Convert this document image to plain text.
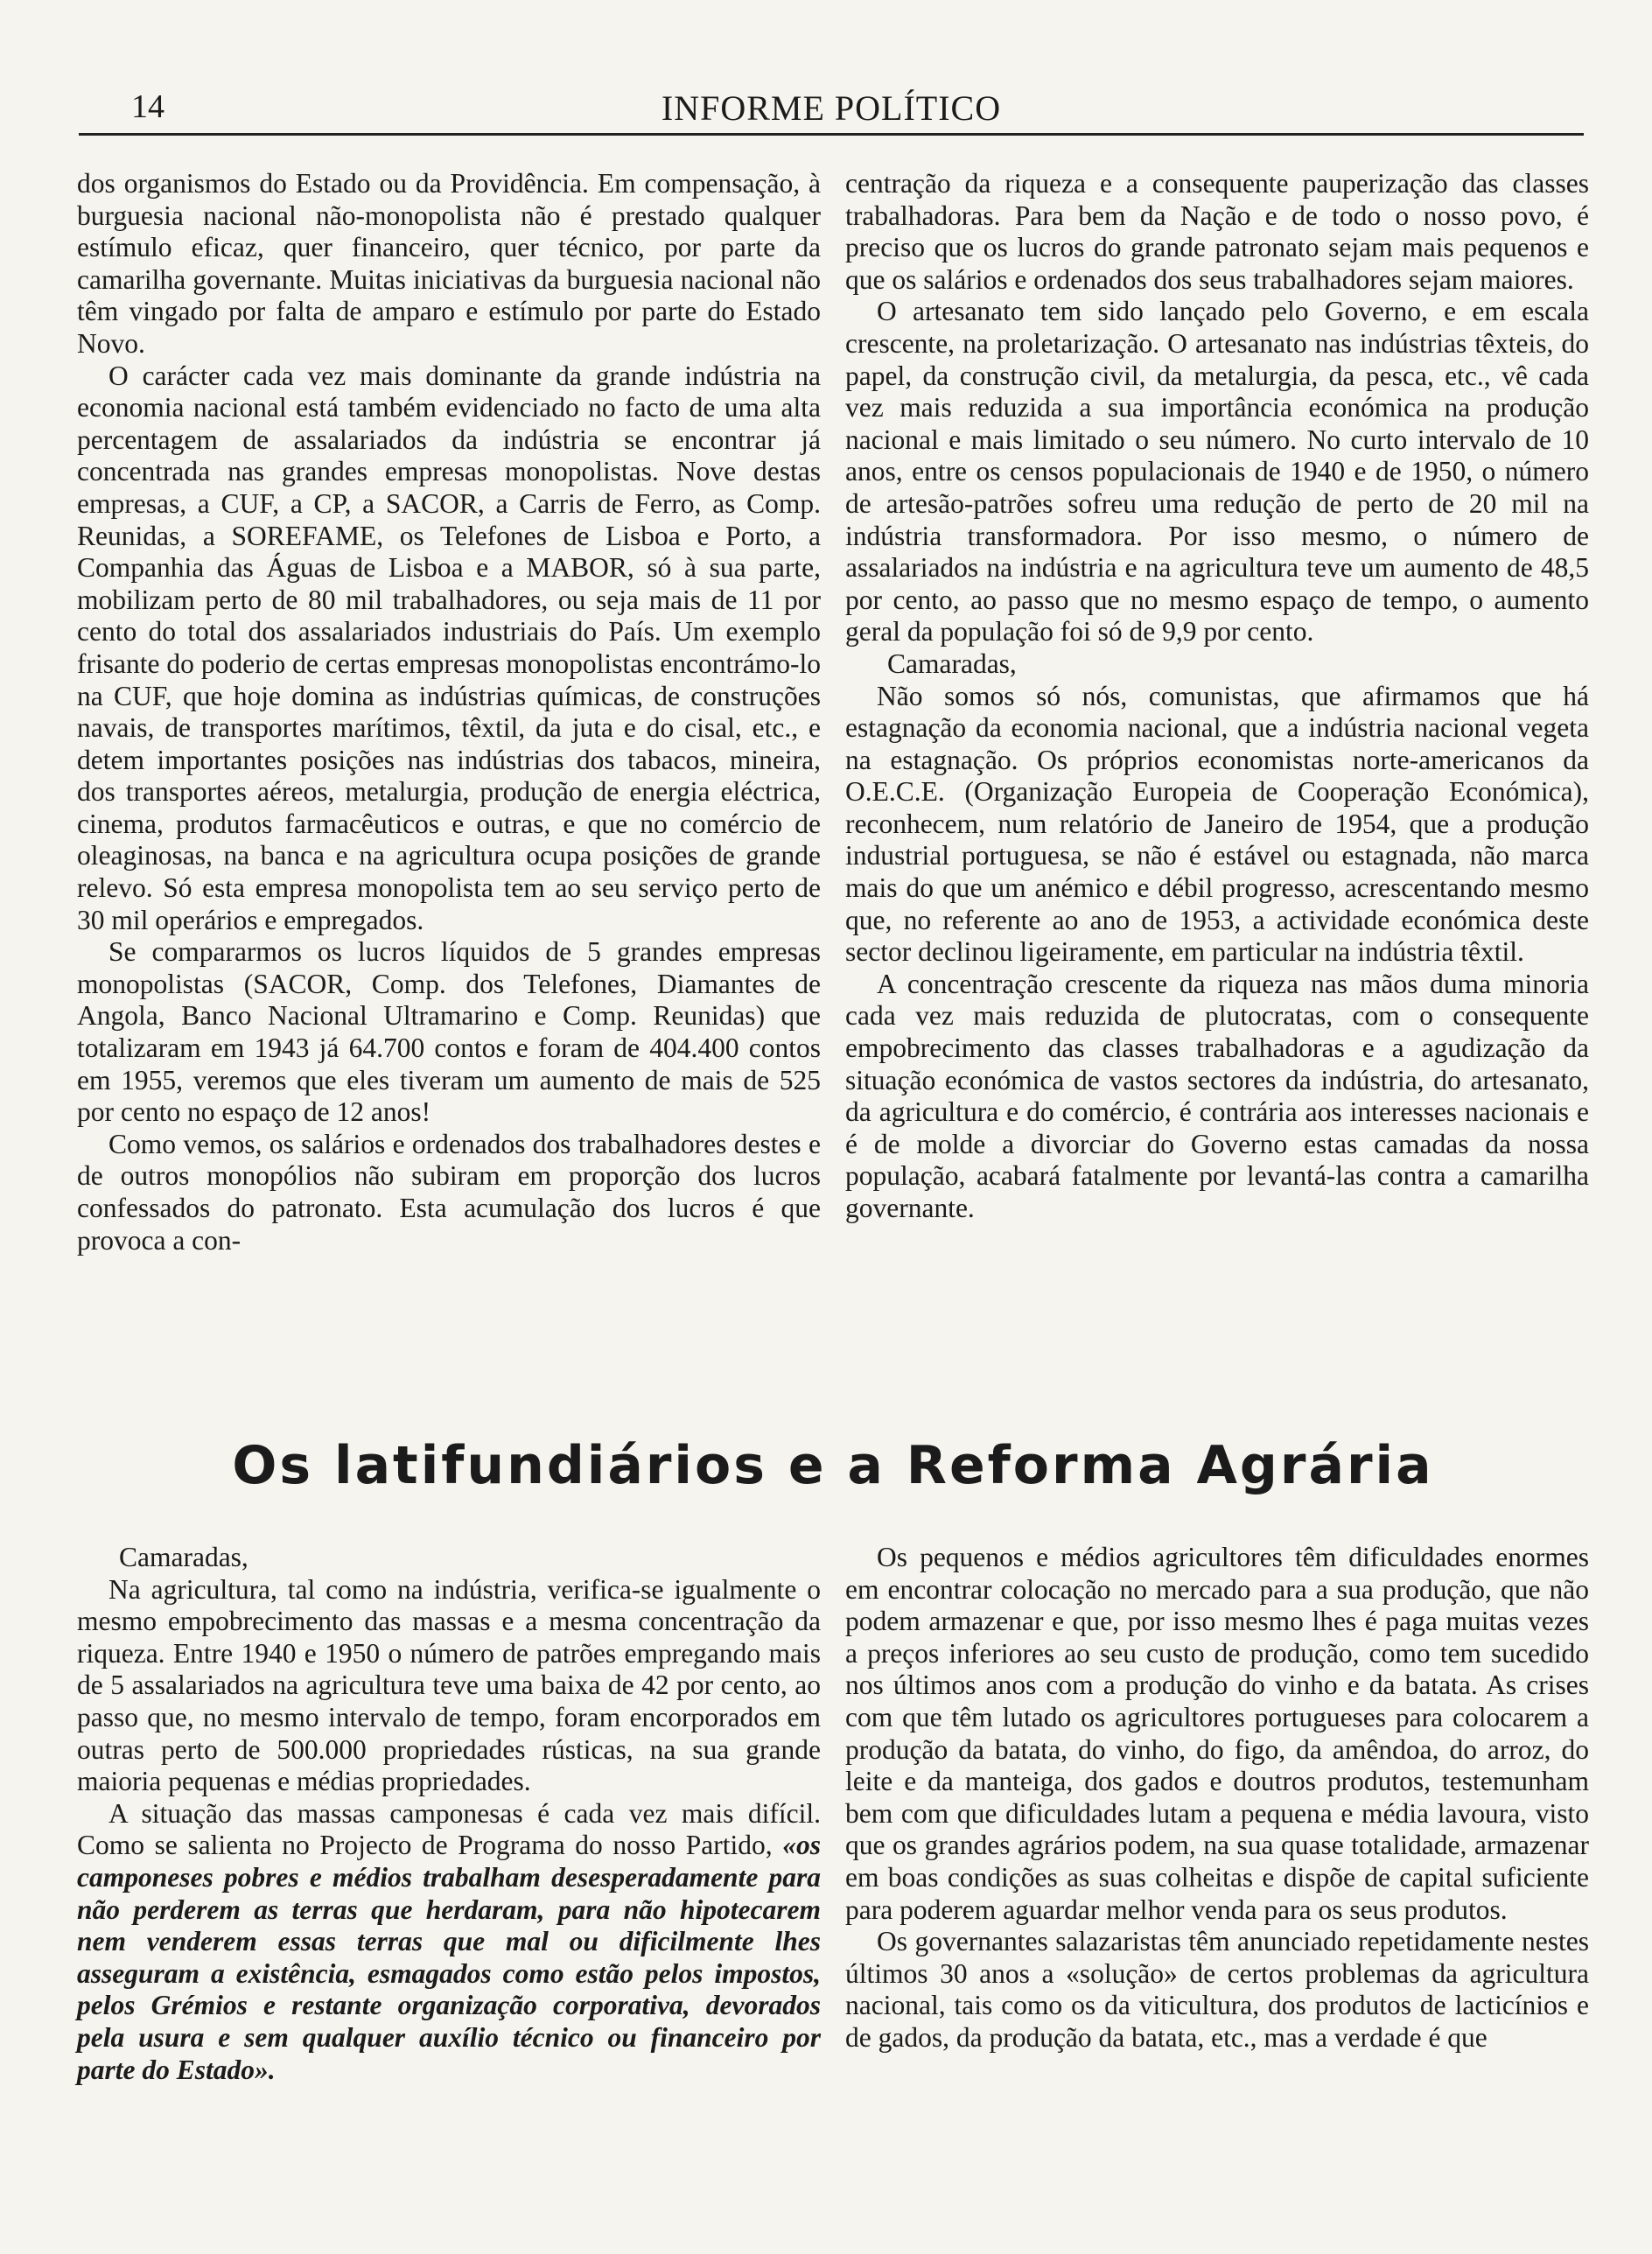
14	INFORME POLÍTICO

dos organismos do Estado ou da Providência. Em compensação, à burguesia nacional não-monopolista não é prestado qualquer estímulo eficaz, quer financeiro, quer técnico, por parte da camarilha governante. Muitas iniciativas da burguesia nacional não têm vingado por falta de amparo e estímulo por parte do Estado Novo.

O carácter cada vez mais dominante da grande indústria na economia nacional está também evidenciado no facto de uma alta percentagem de assalariados da indústria se encontrar já concentrada nas grandes empresas monopolistas. Nove destas empresas, a CUF, a CP, a SACOR, a Carris de Ferro, as Comp. Reunidas, a SOREFAME, os Telefones de Lisboa e Porto, a Companhia das Águas de Lisboa e a MABOR, só à sua parte, mobilizam perto de 80 mil trabalhadores, ou seja mais de 11 por cento do total dos assalariados industriais do País. Um exemplo frisante do poderio de certas empresas monopolistas encontrámo-lo na CUF, que hoje domina as indústrias químicas, de construções navais, de transportes marítimos, têxtil, da juta e do cisal, etc., e detem importantes posições nas indústrias dos tabacos, mineira, dos transportes aéreos, metalurgia, produção de energia eléctrica, cinema, produtos farmacêuticos e outras, e que no comércio de oleaginosas, na banca e na agricultura ocupa posições de grande relevo. Só esta empresa monopolista tem ao seu serviço perto de 30 mil operários e empregados.

Se compararmos os lucros líquidos de 5 grandes empresas monopolistas (SACOR, Comp. dos Telefones, Diamantes de Angola, Banco Nacional Ultramarino e Comp. Reunidas) que totalizaram em 1943 já 64.700 contos e foram de 404.400 contos em 1955, veremos que eles tiveram um aumento de mais de 525 por cento no espaço de 12 anos!

Como vemos, os salários e ordenados dos trabalhadores destes e de outros monopólios não subiram em proporção dos lucros confessados do patronato. Esta acumulação dos lucros é que provoca a con-

centração da riqueza e a consequente pauperização das classes trabalhadoras. Para bem da Nação e de todo o nosso povo, é preciso que os lucros do grande patronato sejam mais pequenos e que os salários e ordenados dos seus trabalhadores sejam maiores.

O artesanato tem sido lançado pelo Governo, e em escala crescente, na proletarização. O artesanato nas indústrias têxteis, do papel, da construção civil, da metalurgia, da pesca, etc., vê cada vez mais reduzida a sua importância económica na produção nacional e mais limitado o seu número. No curto intervalo de 10 anos, entre os censos populacionais de 1940 e de 1950, o número de artesão-patrões sofreu uma redução de perto de 20 mil na indústria transformadora. Por isso mesmo, o número de assalariados na indústria e na agricultura teve um aumento de 48,5 por cento, ao passo que no mesmo espaço de tempo, o aumento geral da população foi só de 9,9 por cento.

Camaradas,

Não somos só nós, comunistas, que afirmamos que há estagnação da economia nacional, que a indústria nacional vegeta na estagnação. Os próprios economistas norte-americanos da O.E.C.E. (Organização Europeia de Cooperação Económica), reconhecem, num relatório de Janeiro de 1954, que a produção industrial portuguesa, se não é estável ou estagnada, não marca mais do que um anémico e débil progresso, acrescentando mesmo que, no referente ao ano de 1953, a actividade económica deste sector declinou ligeiramente, em particular na indústria têxtil.

A concentração crescente da riqueza nas mãos duma minoria cada vez mais reduzida de plutocratas, com o consequente empobrecimento das classes trabalhadoras e a agudização da situação económica de vastos sectores da indústria, do artesanato, da agricultura e do comércio, é contrária aos interesses nacionais e é de molde a divorciar do Governo estas camadas da nossa população, acabará fatalmente por levantá-las contra a camarilha governante.

Os latifundiários e a Reforma Agrária

Camaradas,

Na agricultura, tal como na indústria, verifica-se igualmente o mesmo empobrecimento das massas e a mesma concentração da riqueza. Entre 1940 e 1950 o número de patrões empregando mais de 5 assalariados na agricultura teve uma baixa de 42 por cento, ao passo que, no mesmo intervalo de tempo, foram encorporados em outras perto de 500.000 propriedades rústicas, na sua grande maioria pequenas e médias propriedades.

A situação das massas camponesas é cada vez mais difícil. Como se salienta no Projecto de Programa do nosso Partido, «os camponeses pobres e médios trabalham desesperadamente para não perderem as terras que herdaram, para não hipotecarem nem venderem essas terras que mal ou dificilmente lhes asseguram a existência, esmagados como estão pelos impostos, pelos Grémios e restante organização corporativa, devorados pela usura e sem qualquer auxílio técnico ou financeiro por parte do Estado».

Os pequenos e médios agricultores têm dificuldades enormes em encontrar colocação no mercado para a sua produção, que não podem armazenar e que, por isso mesmo lhes é paga muitas vezes a preços inferiores ao seu custo de produção, como tem sucedido nos últimos anos com a produção do vinho e da batata. As crises com que têm lutado os agricultores portugueses para colocarem a produção da batata, do vinho, do figo, da amêndoa, do arroz, do leite e da manteiga, dos gados e doutros produtos, testemunham bem com que dificuldades lutam a pequena e média lavoura, visto que os grandes agrários podem, na sua quase totalidade, armazenar em boas condições as suas colheitas e dispõe de capital suficiente para poderem aguardar melhor venda para os seus produtos.

Os governantes salazaristas têm anunciado repetidamente nestes últimos 30 anos a «solução» de certos problemas da agricultura nacional, tais como os da viticultura, dos produtos de lacticínios e de gados, da produção da batata, etc., mas a verdade é que
